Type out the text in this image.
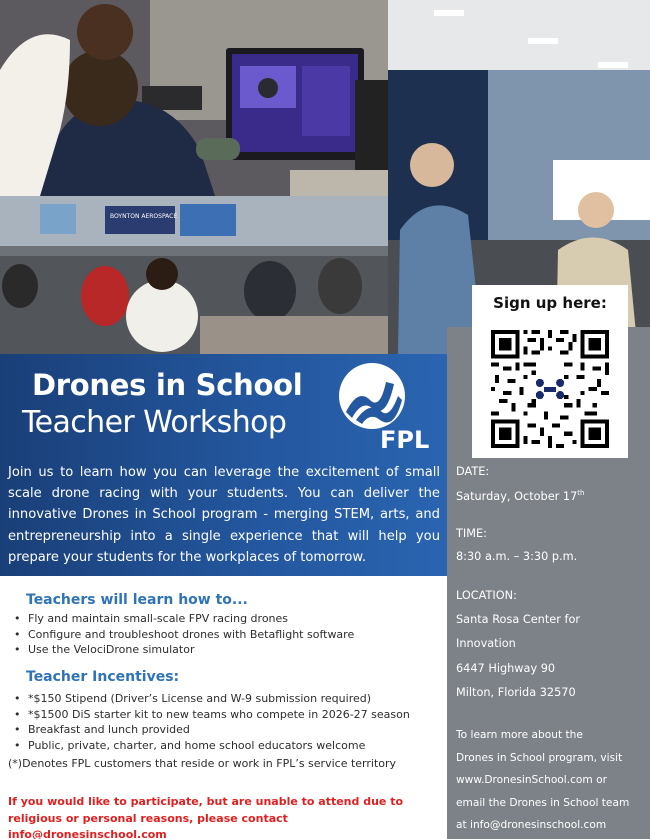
BOYNTON AEROSPACE
Drones in School
Teacher Workshop	FPL
Join us to learn how you can leverage the excitement of small scale drone racing with your students. You can deliver the innovative Drones in School program - merging STEM, arts, and entrepreneurship into a single experience that will help you prepare your students for the workplaces of tomorrow.
Teachers will learn how to...
• Fly and maintain small-scale FPV racing drones
• Configure and troubleshoot drones with Betaflight software
• Use the VelociDrone simulator
Teacher Incentives:
• *$150 Stipend (Driver’s License and W-9 submission required)
• *$1500 DiS starter kit to new teams who compete in 2026-27 season
• Breakfast and lunch provided
• Public, private, charter, and home school educators welcome
(*)Denotes FPL customers that reside or work in FPL’s service territory
If you would like to participate, but are unable to attend due to religious or personal reasons, please contact info@dronesinschool.com
Sign up here:
DATE:
Saturday, October 17th
TIME:
8:30 a.m. – 3:30 p.m.
LOCATION:
Santa Rosa Center for
Innovation
6447 Highway 90
Milton, Florida 32570
To learn more about the
Drones in School program, visit
www.DronesinSchool.com or
email the Drones in School team
at info@dronesinschool.com
